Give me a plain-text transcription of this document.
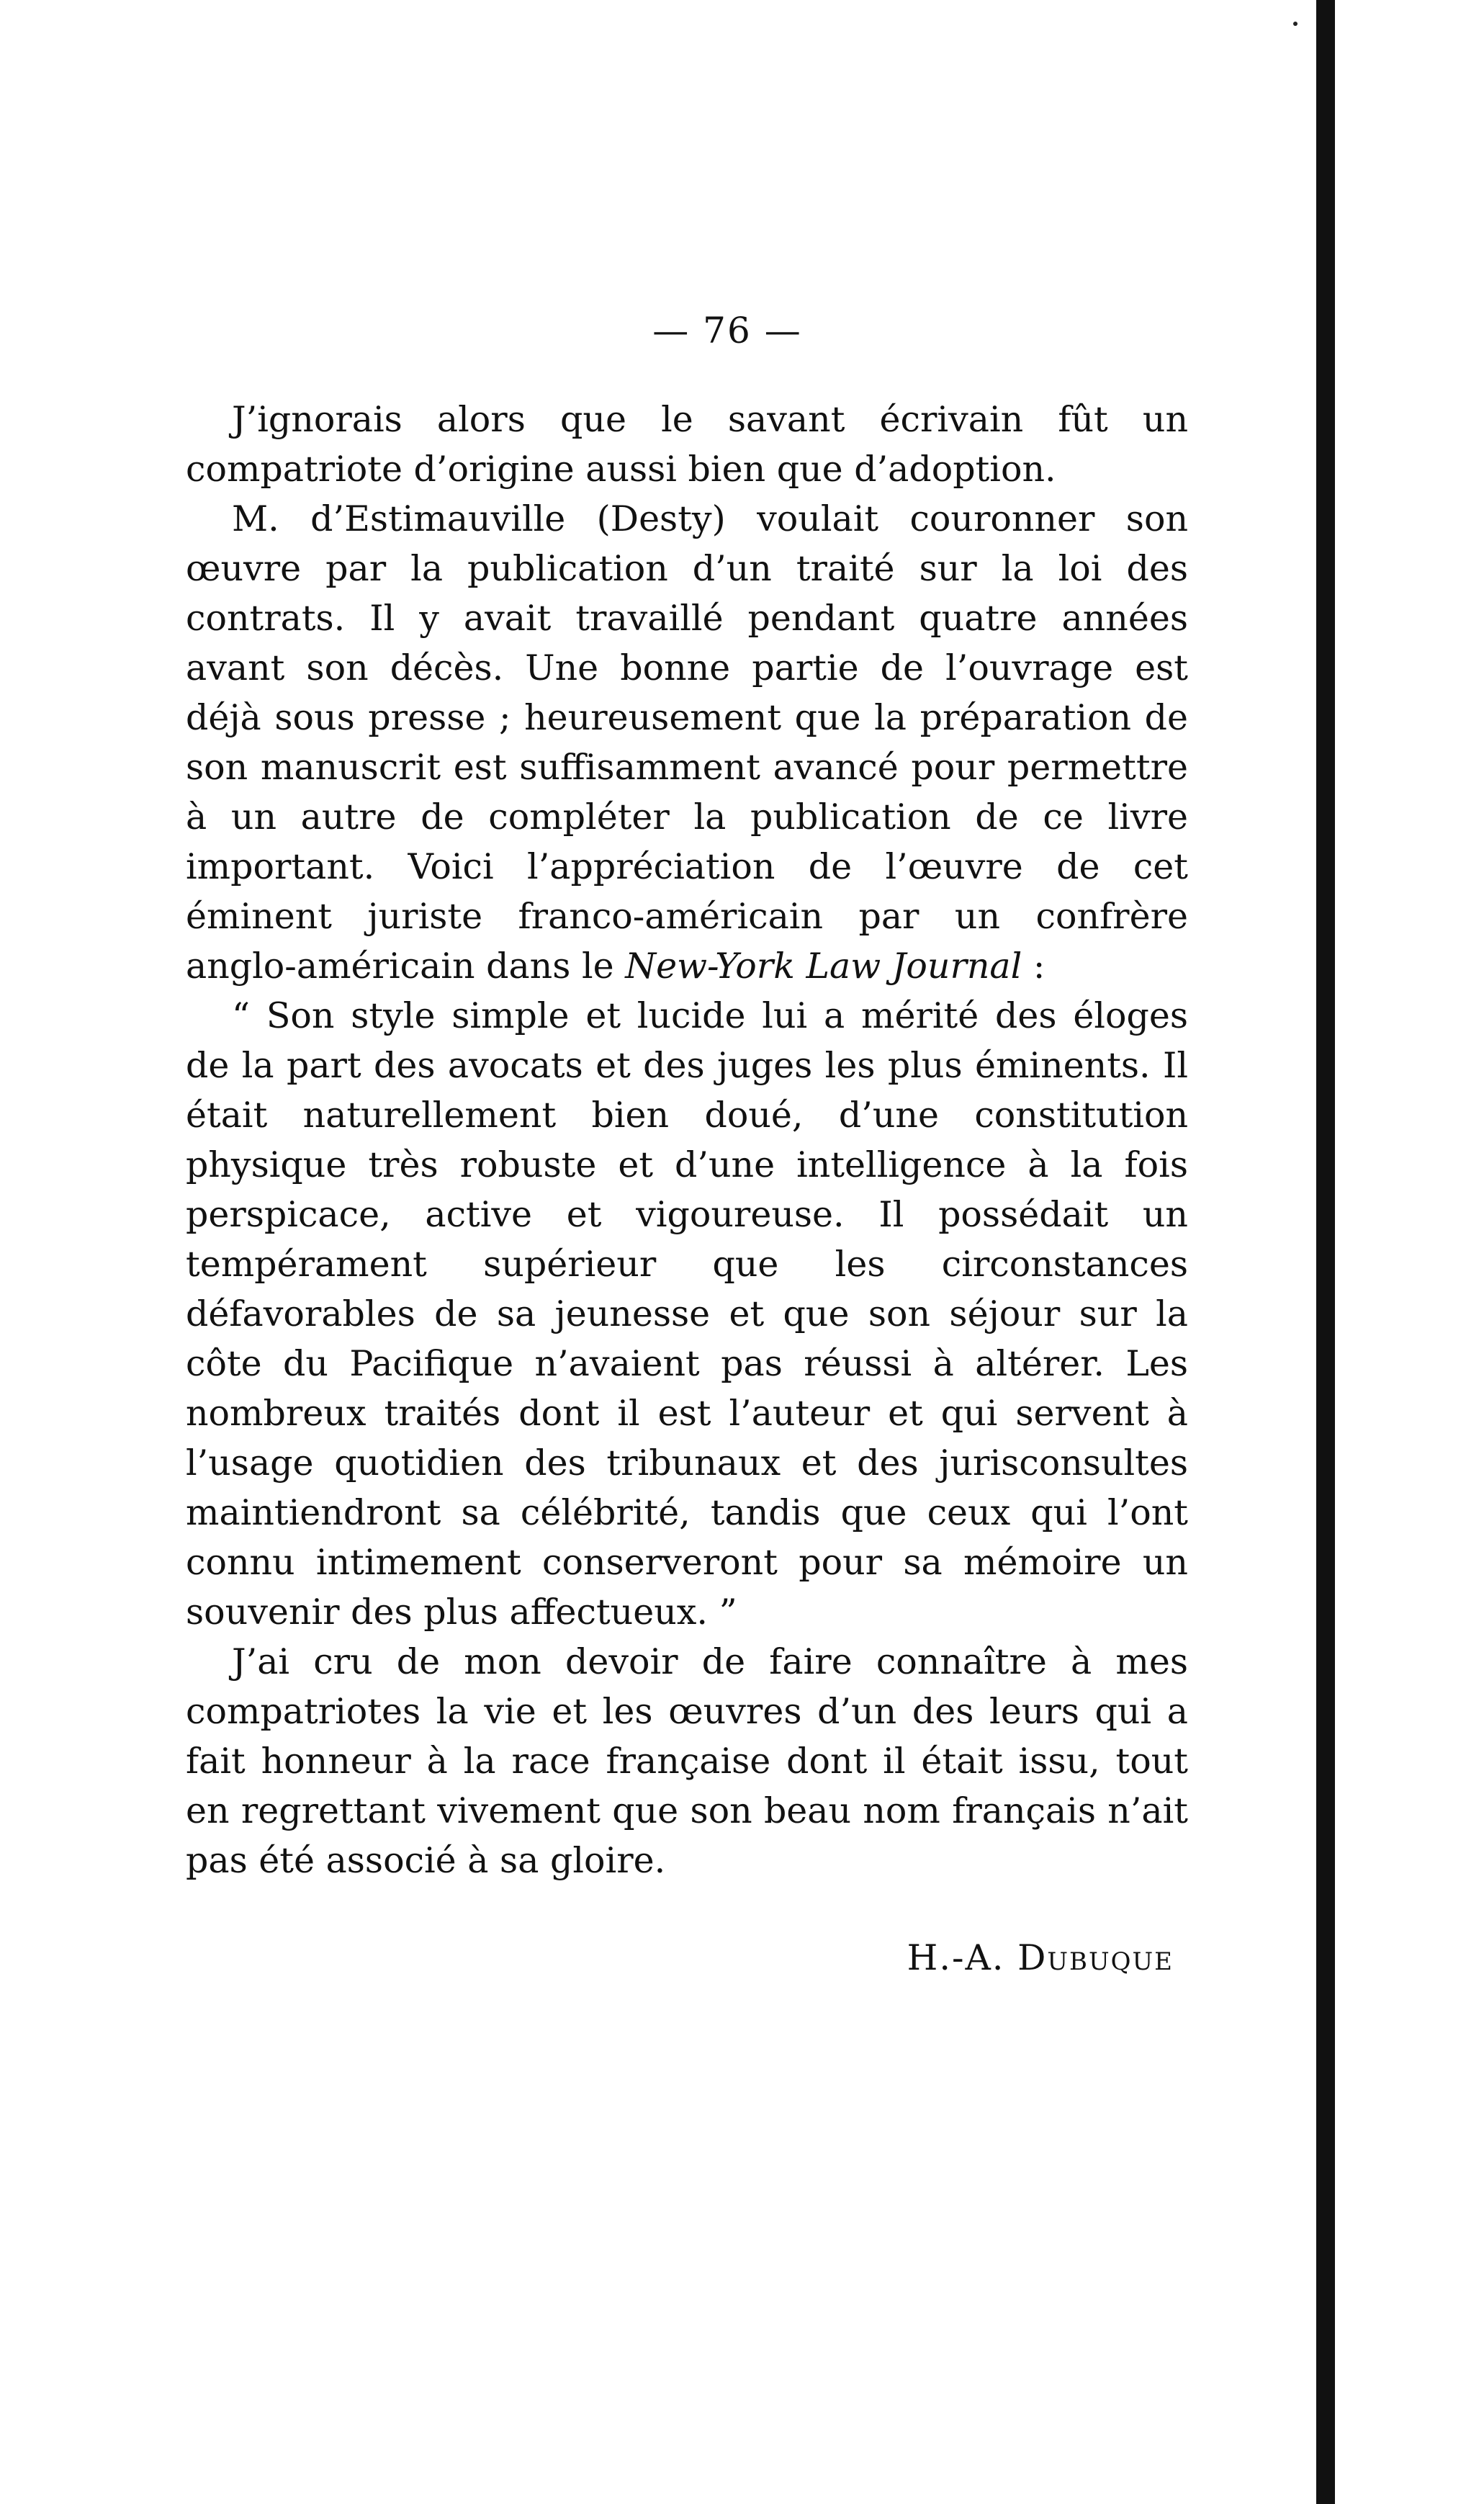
— 76 —

J’ignorais alors que le savant écrivain fût un compatriote d’origine aussi bien que d’adoption.

M. d’Estimauville (Desty) voulait couronner son œuvre par la publication d’un traité sur la loi des contrats. Il y avait travaillé pendant quatre années avant son décès. Une bonne partie de l’ouvrage est déjà sous presse ; heureusement que la préparation de son manuscrit est suffisamment avancé pour permettre à un autre de compléter la publication de ce livre important. Voici l’appréciation de l’œuvre de cet éminent juriste franco-américain par un confrère anglo-américain dans le New-York Law Journal :

“ Son style simple et lucide lui a mérité des éloges de la part des avocats et des juges les plus éminents. Il était naturellement bien doué, d’une constitution physique très robuste et d’une intelligence à la fois perspicace, active et vigoureuse. Il possédait un tempérament supérieur que les circonstances défavorables de sa jeunesse et que son séjour sur la côte du Pacifique n’avaient pas réussi à altérer. Les nombreux traités dont il est l’auteur et qui servent à l’usage quotidien des tribunaux et des jurisconsultes maintiendront sa célébrité, tandis que ceux qui l’ont connu intimement conserveront pour sa mémoire un souvenir des plus affectueux. ”

J’ai cru de mon devoir de faire connaître à mes compatriotes la vie et les œuvres d’un des leurs qui a fait honneur à la race française dont il était issu, tout en regrettant vivement que son beau nom français n’ait pas été associé à sa gloire.

H.-A. Dubuque
